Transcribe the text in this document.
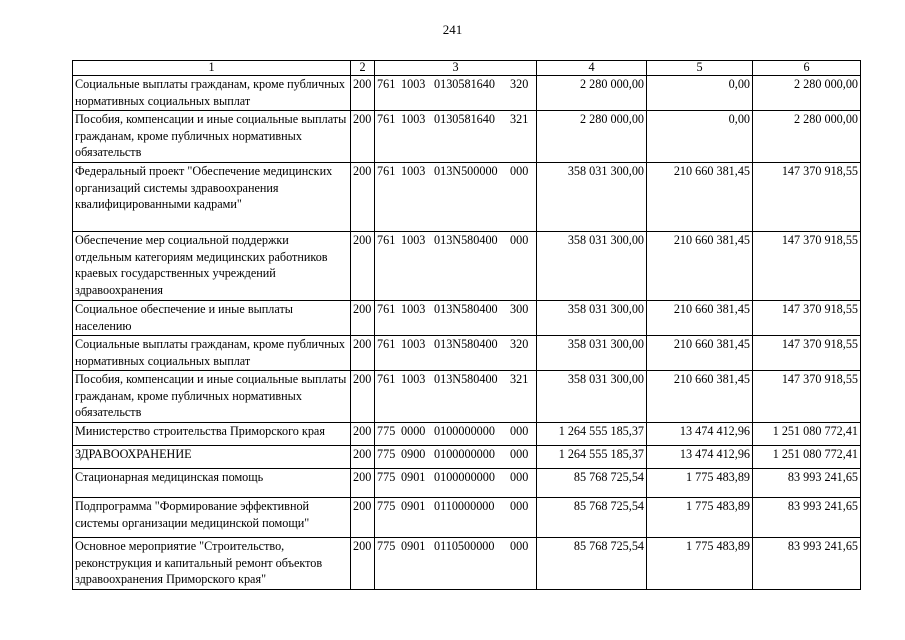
241
1	2	3	4	5	6
Социальные выплаты гражданам, кроме публичных нормативных социальных выплат	200	761 1003 0130581640 320	2 280 000,00	0,00	2 280 000,00
Пособия, компенсации и иные социальные выплаты гражданам, кроме публичных нормативных обязательств	200	761 1003 0130581640 321	2 280 000,00	0,00	2 280 000,00
Федеральный проект "Обеспечение медицинских организаций системы здравоохранения квалифицированными кадрами"	200	761 1003 013N500000 000	358 031 300,00	210 660 381,45	147 370 918,55
Обеспечение мер социальной поддержки отдельным категориям медицинских работников краевых государственных учреждений здравоохранения	200	761 1003 013N580400 000	358 031 300,00	210 660 381,45	147 370 918,55
Социальное обеспечение и иные выплаты населению	200	761 1003 013N580400 300	358 031 300,00	210 660 381,45	147 370 918,55
Социальные выплаты гражданам, кроме публичных нормативных социальных выплат	200	761 1003 013N580400 320	358 031 300,00	210 660 381,45	147 370 918,55
Пособия, компенсации и иные социальные выплаты гражданам, кроме публичных нормативных обязательств	200	761 1003 013N580400 321	358 031 300,00	210 660 381,45	147 370 918,55
Министерство строительства Приморского края	200	775 0000 0100000000 000	1 264 555 185,37	13 474 412,96	1 251 080 772,41
ЗДРАВООХРАНЕНИЕ	200	775 0900 0100000000 000	1 264 555 185,37	13 474 412,96	1 251 080 772,41
Стационарная медицинская помощь	200	775 0901 0100000000 000	85 768 725,54	1 775 483,89	83 993 241,65
Подпрограмма "Формирование эффективной системы организации медицинской помощи"	200	775 0901 0110000000 000	85 768 725,54	1 775 483,89	83 993 241,65
Основное мероприятие "Строительство, реконструкция и капитальный ремонт объектов здравоохранения Приморского края"	200	775 0901 0110500000 000	85 768 725,54	1 775 483,89	83 993 241,65
